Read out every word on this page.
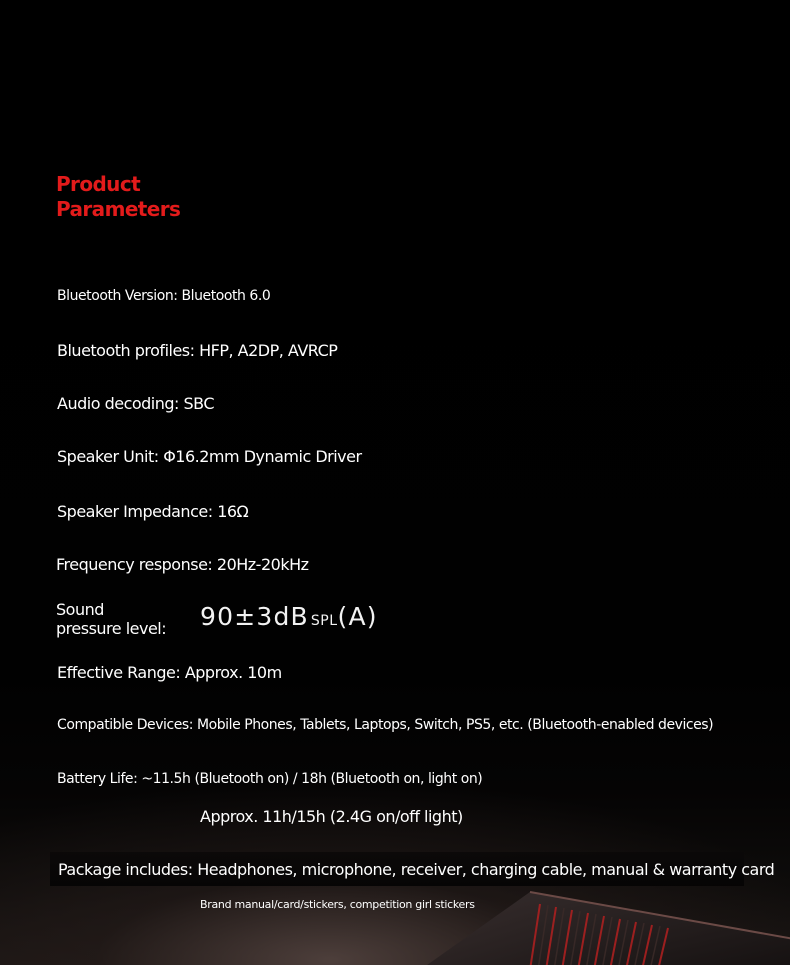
Product
Parameters
Bluetooth Version: Bluetooth 6.0
Bluetooth profiles: HFP, A2DP, AVRCP
Audio decoding: SBC
Speaker Unit: Φ16.2mm Dynamic Driver
Speaker Impedance: 16Ω
Frequency response: 20Hz-20kHz
Sound
pressure level: 90±3dB SPL(A)
Effective Range: Approx. 10m
Compatible Devices: Mobile Phones, Tablets, Laptops, Switch, PS5, etc. (Bluetooth-enabled devices)
Battery Life: ~11.5h (Bluetooth on) / 18h (Bluetooth on, light on)
Approx. 11h/15h (2.4G on/off light)
Package includes: Headphones, microphone, receiver, charging cable, manual & warranty card
Brand manual/card/stickers, competition girl stickers
